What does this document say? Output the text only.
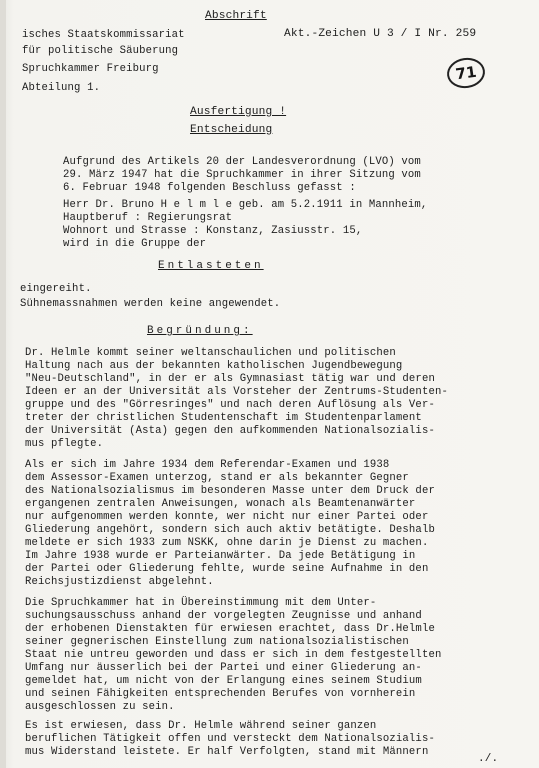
Abschrift
Akt.-Zeichen U 3 / I Nr. 259
isches Staatskommissariat
für politische Säuberung
Spruchkammer Freiburg
Abteilung 1.
71
Ausfertigung !
Entscheidung
Aufgrund des Artikels 20 der Landesverordnung (LVO) vom
29. März 1947 hat die Spruchkammer in ihrer Sitzung vom
6. Februar 1948 folgenden Beschluss gefasst :
Herr Dr. Bruno H e l m l e geb. am 5.2.1911 in Mannheim,
Hauptberuf : Regierungsrat
Wohnort und Strasse : Konstanz, Zasiusstr. 15,
wird in die Gruppe der
Entlasteten
eingereiht.
Sühnemassnahmen werden keine angewendet.
Begründung:
Dr. Helmle kommt seiner weltanschaulichen und politischen
Haltung nach aus der bekannten katholischen Jugendbewegung
"Neu-Deutschland", in der er als Gymnasiast tätig war und deren
Ideen er an der Universität als Vorsteher der Zentrums-Studenten-
gruppe und des "Görresringes" und nach deren Auflösung als Ver-
treter der christlichen Studentenschaft im Studentenparlament
der Universität (Asta) gegen den aufkommenden Nationalsozialis-
mus pflegte.
Als er sich im Jahre 1934 dem Referendar-Examen und 1938
dem Assessor-Examen unterzog, stand er als bekannter Gegner
des Nationalsozialismus im besonderen Masse unter dem Druck der
ergangenen zentralen Anweisungen, wonach als Beamtenanwärter
nur aufgenommen werden konnte, wer nicht nur einer Partei oder
Gliederung angehört, sondern sich auch aktiv betätigte. Deshalb
meldete er sich 1933 zum NSKK, ohne darin je Dienst zu machen.
Im Jahre 1938 wurde er Parteianwärter. Da jede Betätigung in
der Partei oder Gliederung fehlte, wurde seine Aufnahme in den
Reichsjustizdienst abgelehnt.
Die Spruchkammer hat in Übereinstimmung mit dem Unter-
suchungsausschuss anhand der vorgelegten Zeugnisse und anhand
der erhobenen Dienstakten für erwiesen erachtet, dass Dr.Helmle
seiner gegnerischen Einstellung zum nationalsozialistischen
Staat nie untreu geworden und dass er sich in dem festgestellten
Umfang nur äusserlich bei der Partei und einer Gliederung an-
gemeldet hat, um nicht von der Erlangung eines seinem Studium
und seinen Fähigkeiten entsprechenden Berufes von vornherein
ausgeschlossen zu sein.
Es ist erwiesen, dass Dr. Helmle während seiner ganzen
beruflichen Tätigkeit offen und versteckt dem Nationalsozialis-
mus Widerstand leistete. Er half Verfolgten, stand mit Männern
./.
